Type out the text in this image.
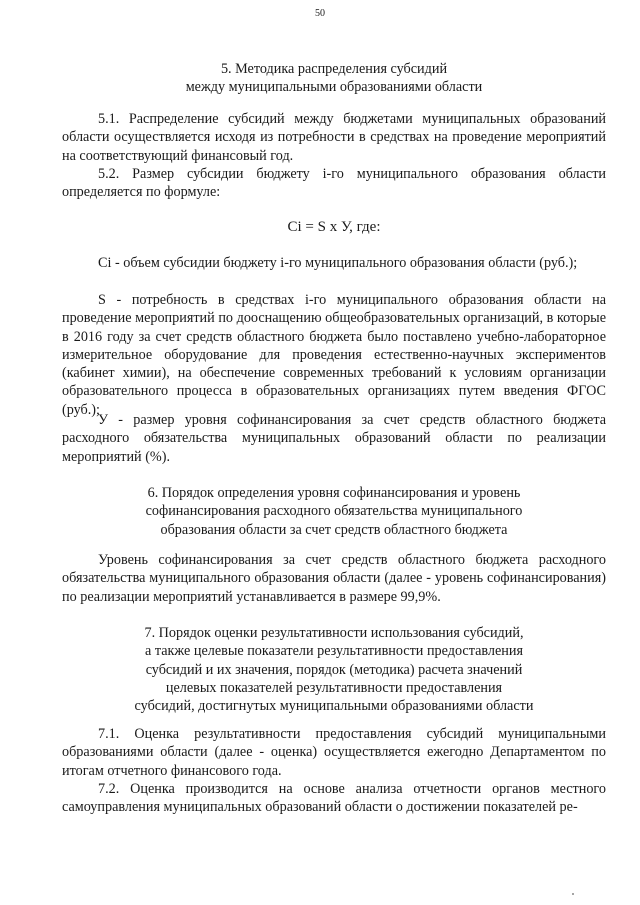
50
5. Методика распределения субсидий
между муниципальными образованиями области

5.1. Распределение субсидий между бюджетами муниципальных образований области осуществляется исходя из потребности в средствах на проведение мероприятий на соответствующий финансовый год.

5.2. Размер субсидии бюджету i-го муниципального образования области определяется по формуле:

Ci = S x У, где:

Ci - объем субсидии бюджету i-го муниципального образования области (руб.);

S - потребность в средствах i-го муниципального образования области на проведение мероприятий по дооснащению общеобразовательных организаций, в которые в 2016 году за счет средств областного бюджета было поставлено учебно-лабораторное измерительное оборудование для проведения естественно-научных экспериментов (кабинет химии), на обеспечение современных требований к условиям организации образовательного процесса в образовательных организациях путем введения ФГОС (руб.);

У - размер уровня софинансирования за счет средств областного бюджета расходного обязательства муниципальных образований области по реализации мероприятий (%).

6. Порядок определения уровня софинансирования и уровень
софинансирования расходного обязательства муниципального
образования области за счет средств областного бюджета

Уровень софинансирования за счет средств областного бюджета расходного обязательства муниципального образования области (далее - уровень софинансирования) по реализации мероприятий устанавливается в размере 99,9%.

7. Порядок оценки результативности использования субсидий,
а также целевые показатели результативности предоставления
субсидий и их значения, порядок (методика) расчета значений
целевых показателей результативности предоставления
субсидий, достигнутых муниципальными образованиями области

7.1. Оценка результативности предоставления субсидий муниципальными образованиями области (далее - оценка) осуществляется ежегодно Департаментом по итогам отчетного финансового года.

7.2. Оценка производится на основе анализа отчетности органов местного самоуправления муниципальных образований области о достижении показателей ре-
